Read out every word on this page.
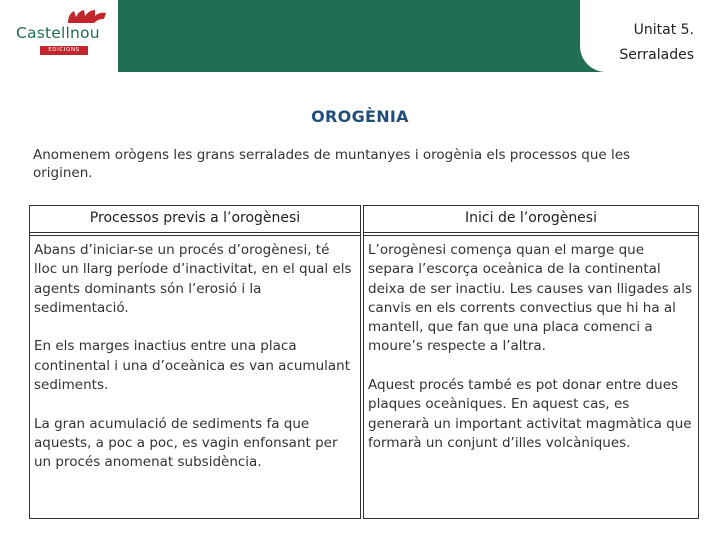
Castellnou
EDICIONS
Unitat 5.
Serralades
OROGÈNIA

Anomenem orògens les grans serralades de muntanyes i orogènia els processos que les originen.

Processos previs a l’orogènesi

Abans d’iniciar-se un procés d’orogènesi, té lloc un llarg període d’inactivitat, en el qual els agents dominants són l’erosió i la sedimentació.

En els marges inactius entre una placa continental i una d’oceànica es van acumulant sediments.

La gran acumulació de sediments fa que aquests, a poc a poc, es vagin enfonsant per un procés anomenat subsidència.

Inici de l’orogènesi

L’orogènesi comença quan el marge que separa l’escorça oceànica de la continental deixa de ser inactiu. Les causes van lligades als canvis en els corrents convectius que hi ha al mantell, que fan que una placa comenci a moure’s respecte a l’altra.

Aquest procés també es pot donar entre dues plaques oceàniques. En aquest cas, es generarà un important activitat magmàtica que formarà un conjunt d’illes volcàniques.
